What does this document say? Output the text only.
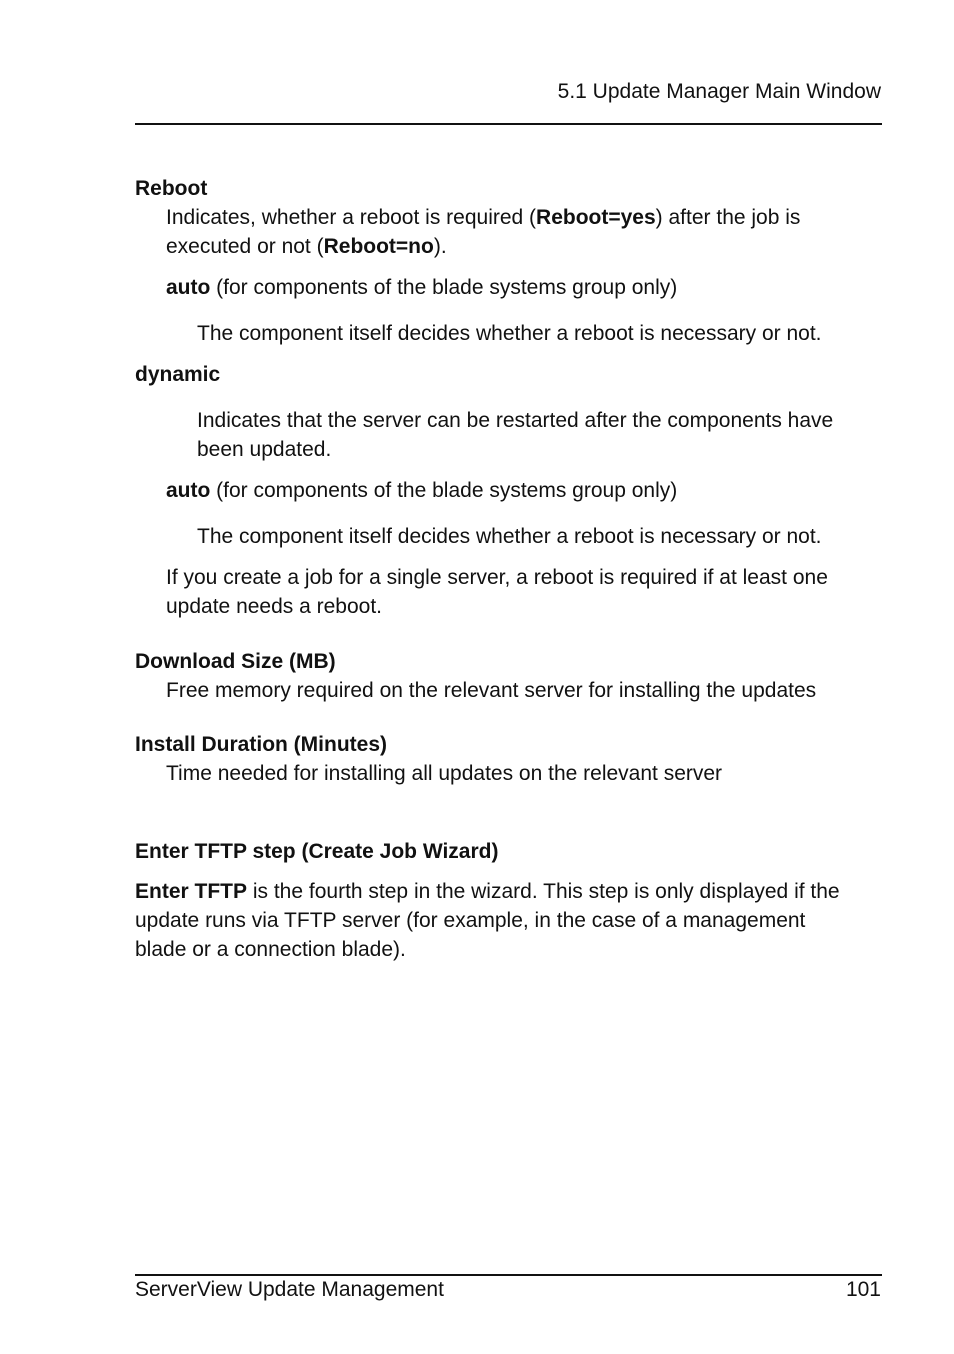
5.1 Update Manager Main Window
Reboot
Indicates, whether a reboot is required (Reboot=yes) after the job is
executed or not (Reboot=no).
auto (for components of the blade systems group only)
The component itself decides whether a reboot is necessary or not.
dynamic
Indicates that the server can be restarted after the components have
been updated.
auto (for components of the blade systems group only)
The component itself decides whether a reboot is necessary or not.
If you create a job for a single server, a reboot is required if at least one
update needs a reboot.
Download Size (MB)
Free memory required on the relevant server for installing the updates
Install Duration (Minutes)
Time needed for installing all updates on the relevant server
Enter TFTP step (Create Job Wizard)
Enter TFTP is the fourth step in the wizard. This step is only displayed if the
update runs via TFTP server (for example, in the case of a management
blade or a connection blade).
ServerView Update Management	101
